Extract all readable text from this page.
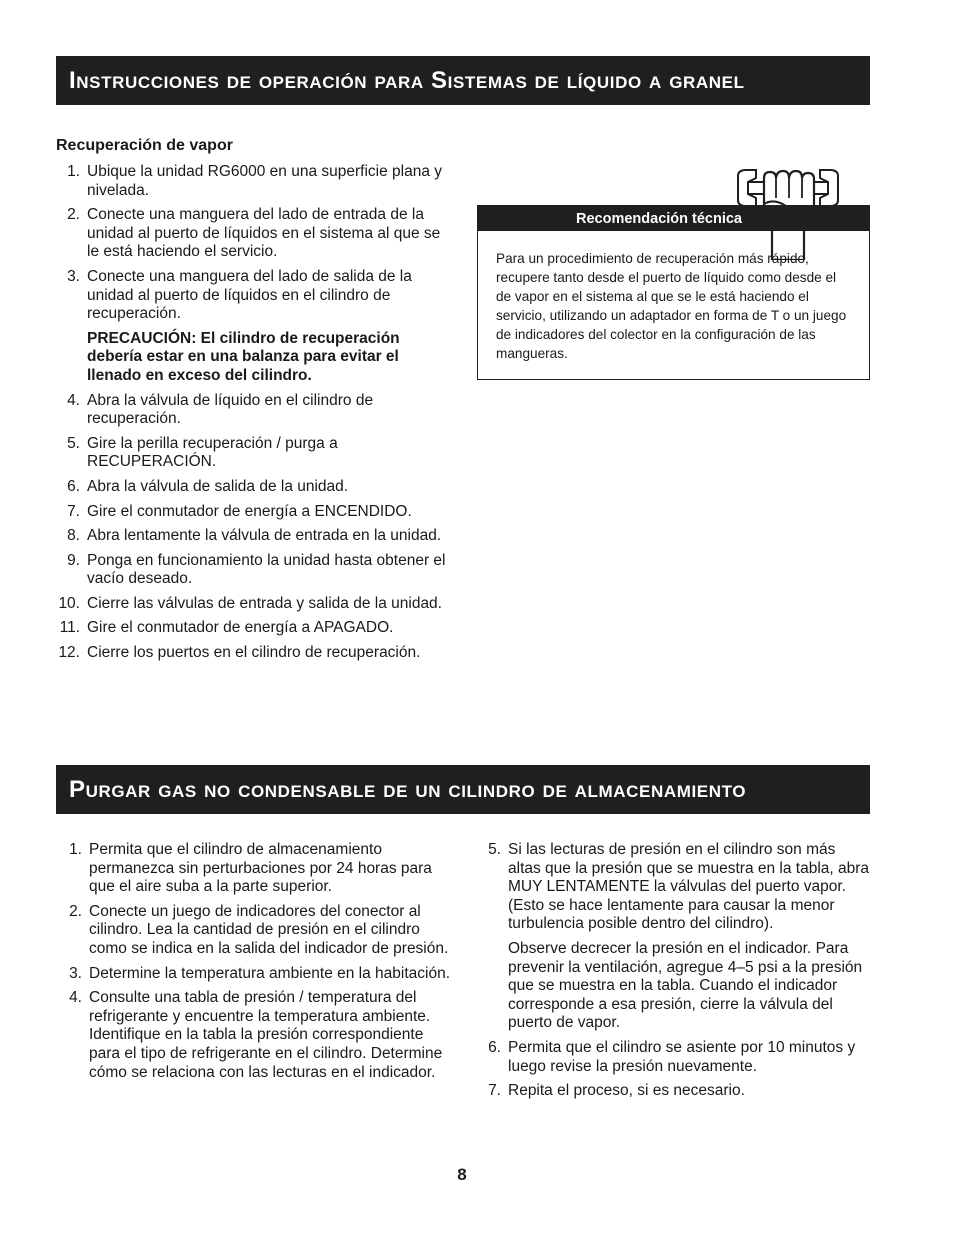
Instrucciones de operación para Sistemas de líquido a granel
Recuperación de vapor
1. Ubique la unidad RG6000 en una superficie plana y nivelada.
2. Conecte una manguera del lado de entrada de la unidad al puerto de líquidos en el sistema al que se le está haciendo el servicio.
3. Conecte una manguera del lado de salida de la unidad al puerto de líquidos en el cilindro de recuperación.

PRECAUCIÓN: El cilindro de recuperación debería estar en una balanza para evitar el llenado en exceso del cilindro.

4. Abra la válvula de líquido en el cilindro de recuperación.
5. Gire la perilla recuperación / purga a RECUPERACIÓN.
6. Abra la válvula de salida de la unidad.
7. Gire el conmutador de energía a ENCENDIDO.
8. Abra lentamente la válvula de entrada en la unidad.
9. Ponga en funcionamiento la unidad hasta obtener el vacío deseado.
10. Cierre las válvulas de entrada y salida de la unidad.
11. Gire el conmutador de energía a APAGADO.
12. Cierre los puertos en el cilindro de recuperación.
Recomendación técnica
Para un procedimiento de recuperación más rápido, recupere tanto desde el puerto de líquido como desde el de vapor en el sistema al que se le está haciendo el servicio, utilizando un adaptador en forma de T o un juego de indicadores del colector en la configuración de las mangueras.
Purgar gas no condensable de un cilindro de almacenamiento
1. Permita que el cilindro de almacenamiento permanezca sin perturbaciones por 24 horas para que el aire suba a la parte superior.
2. Conecte un juego de indicadores del conector al cilindro. Lea la cantidad de presión en el cilindro como se indica en la salida del indicador de presión.
3. Determine la temperatura ambiente en la habitación.
4. Consulte una tabla de presión / temperatura del refrigerante y encuentre la temperatura ambiente. Identifique en la tabla la presión correspondiente para el tipo de refrigerante en el cilindro. Determine cómo se relaciona con las lecturas en el indicador.
5. Si las lecturas de presión en el cilindro son más altas que la presión que se muestra en la tabla, abra MUY LENTAMENTE la válvulas del puerto vapor. (Esto se hace lentamente para causar la menor turbulencia posible dentro del cilindro).

Observe decrecer la presión en el indicador. Para prevenir la ventilación, agregue 4–5 psi a la presión que se muestra en la tabla. Cuando el indicador corresponde a esa presión, cierre la válvula del puerto de vapor.

6. Permita que el cilindro se asiente por 10 minutos y luego revise la presión nuevamente.
7. Repita el proceso, si es necesario.
8
